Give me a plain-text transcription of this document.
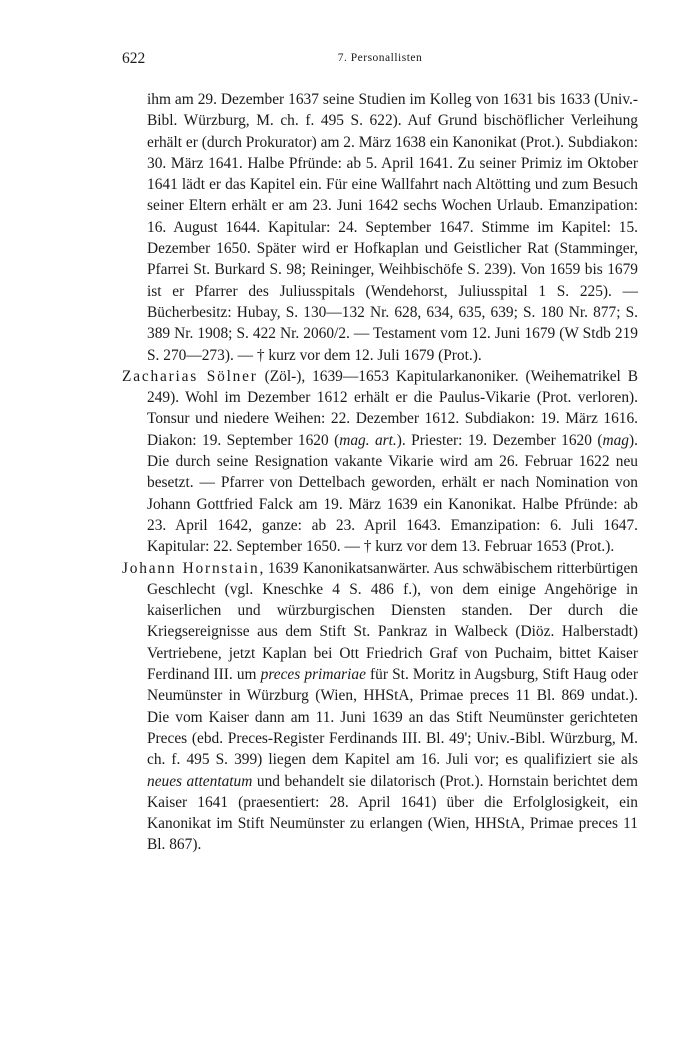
622	7. Personallisten

ihm am 29. Dezember 1637 seine Studien im Kolleg von 1631 bis 1633 (Univ.-Bibl. Würzburg, M. ch. f. 495 S. 622). Auf Grund bischöflicher Verleihung erhält er (durch Prokurator) am 2. März 1638 ein Kanonikat (Prot.). Subdiakon: 30. März 1641. Halbe Pfründe: ab 5. April 1641. Zu seiner Primiz im Oktober 1641 lädt er das Kapitel ein. Für eine Wallfahrt nach Altötting und zum Besuch seiner Eltern erhält er am 23. Juni 1642 sechs Wochen Urlaub. Emanzipation: 16. August 1644. Kapitular: 24. September 1647. Stimme im Kapitel: 15. Dezember 1650. Später wird er Hofkaplan und Geistlicher Rat (Stamminger, Pfarrei St. Burkard S. 98; Reininger, Weihbischöfe S. 239). Von 1659 bis 1679 ist er Pfarrer des Juliusspitals (Wendehorst, Juliusspital 1 S. 225). — Bücherbesitz: Hubay, S. 130—132 Nr. 628, 634, 635, 639; S. 180 Nr. 877; S. 389 Nr. 1908; S. 422 Nr. 2060/2. — Testament vom 12. Juni 1679 (W Stdb 219 S. 270—273). — † kurz vor dem 12. Juli 1679 (Prot.).

Zacharias Sölner (Zöl-), 1639—1653 Kapitularkanoniker. (Weihematrikel B 249). Wohl im Dezember 1612 erhält er die Paulus-Vikarie (Prot. verloren). Tonsur und niedere Weihen: 22. Dezember 1612. Subdiakon: 19. März 1616. Diakon: 19. September 1620 (mag. art.). Priester: 19. Dezember 1620 (mag). Die durch seine Resignation vakante Vikarie wird am 26. Februar 1622 neu besetzt. — Pfarrer von Dettelbach geworden, erhält er nach Nomination von Johann Gottfried Falck am 19. März 1639 ein Kanonikat. Halbe Pfründe: ab 23. April 1642, ganze: ab 23. April 1643. Emanzipation: 6. Juli 1647. Kapitular: 22. September 1650. — † kurz vor dem 13. Februar 1653 (Prot.).

Johann Hornstain, 1639 Kanonikatsanwärter. Aus schwäbischem ritterbürtigen Geschlecht (vgl. Kneschke 4 S. 486 f.), von dem einige Angehörige in kaiserlichen und würzburgischen Diensten standen. Der durch die Kriegsereignisse aus dem Stift St. Pankraz in Walbeck (Diöz. Halberstadt) Vertriebene, jetzt Kaplan bei Ott Friedrich Graf von Puchaim, bittet Kaiser Ferdinand III. um preces primariae für St. Moritz in Augsburg, Stift Haug oder Neumünster in Würzburg (Wien, HHStA, Primae preces 11 Bl. 869 undat.). Die vom Kaiser dann am 11. Juni 1639 an das Stift Neumünster gerichteten Preces (ebd. Preces-Register Ferdinands III. Bl. 49'; Univ.-Bibl. Würzburg, M. ch. f. 495 S. 399) liegen dem Kapitel am 16. Juli vor; es qualifiziert sie als neues attentatum und behandelt sie dilatorisch (Prot.). Hornstain berichtet dem Kaiser 1641 (praesentiert: 28. April 1641) über die Erfolglosigkeit, ein Kanonikat im Stift Neumünster zu erlangen (Wien, HHStA, Primae preces 11 Bl. 867).
